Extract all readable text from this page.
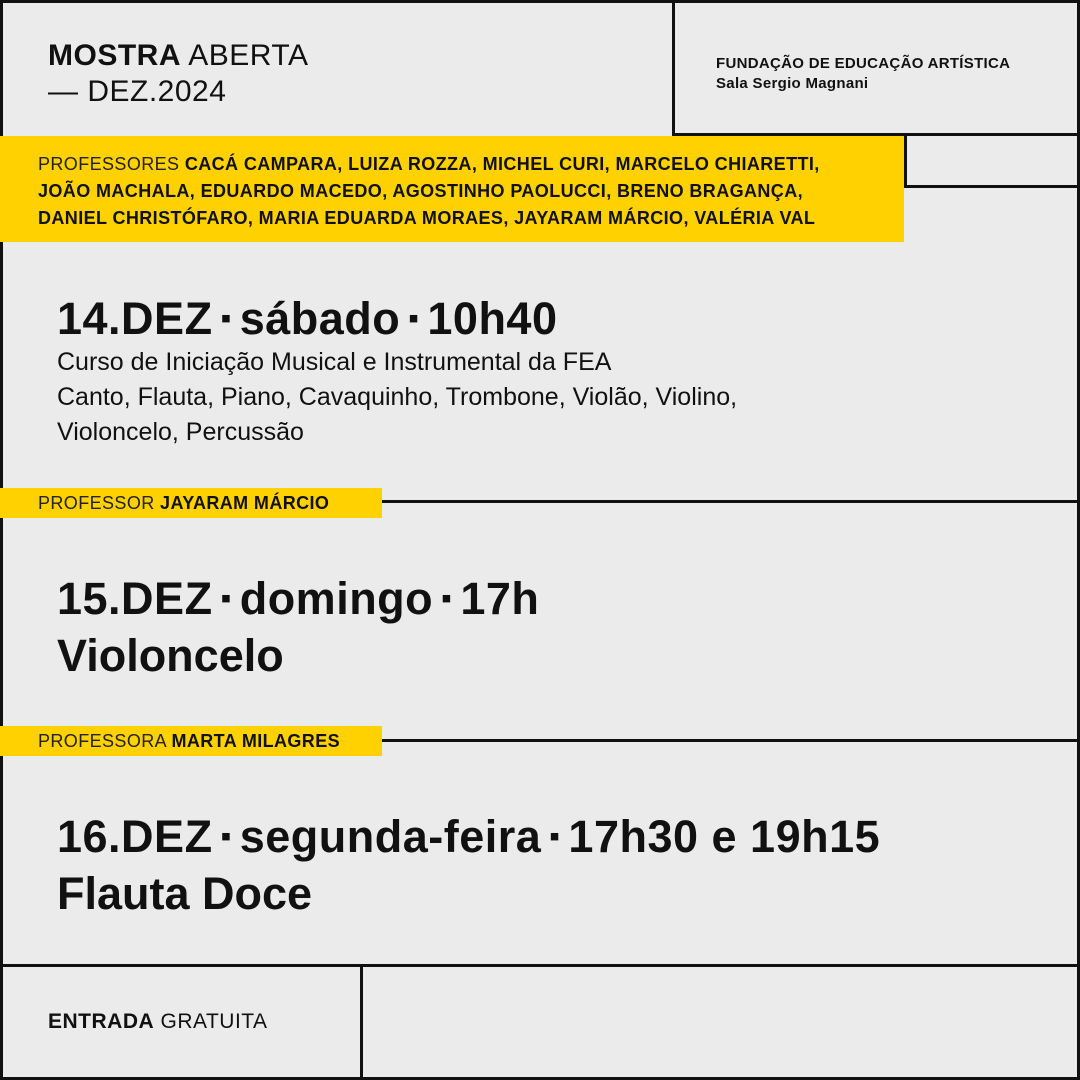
MOSTRA ABERTA
— DEZ.2024
FUNDAÇÃO DE EDUCAÇÃO ARTÍSTICA
Sala Sergio Magnani
PROFESSORES CACÁ CAMPARA, LUIZA ROZZA, MICHEL CURI, MARCELO CHIARETTI,
JOÃO MACHALA, EDUARDO MACEDO, AGOSTINHO PAOLUCCI, BRENO BRAGANÇA,
DANIEL CHRISTÓFARO, MARIA EDUARDA MORAES, JAYARAM MÁRCIO, VALÉRIA VAL
14.DEZ ▪ sábado ▪ 10h40
Curso de Iniciação Musical e Instrumental da FEA
Canto, Flauta, Piano, Cavaquinho, Trombone, Violão, Violino,
Violoncelo, Percussão
PROFESSOR JAYARAM MÁRCIO
15.DEZ ▪ domingo ▪ 17h
Violoncelo
PROFESSORA MARTA MILAGRES
16.DEZ ▪ segunda-feira ▪ 17h30 e 19h15
Flauta Doce
ENTRADA GRATUITA
